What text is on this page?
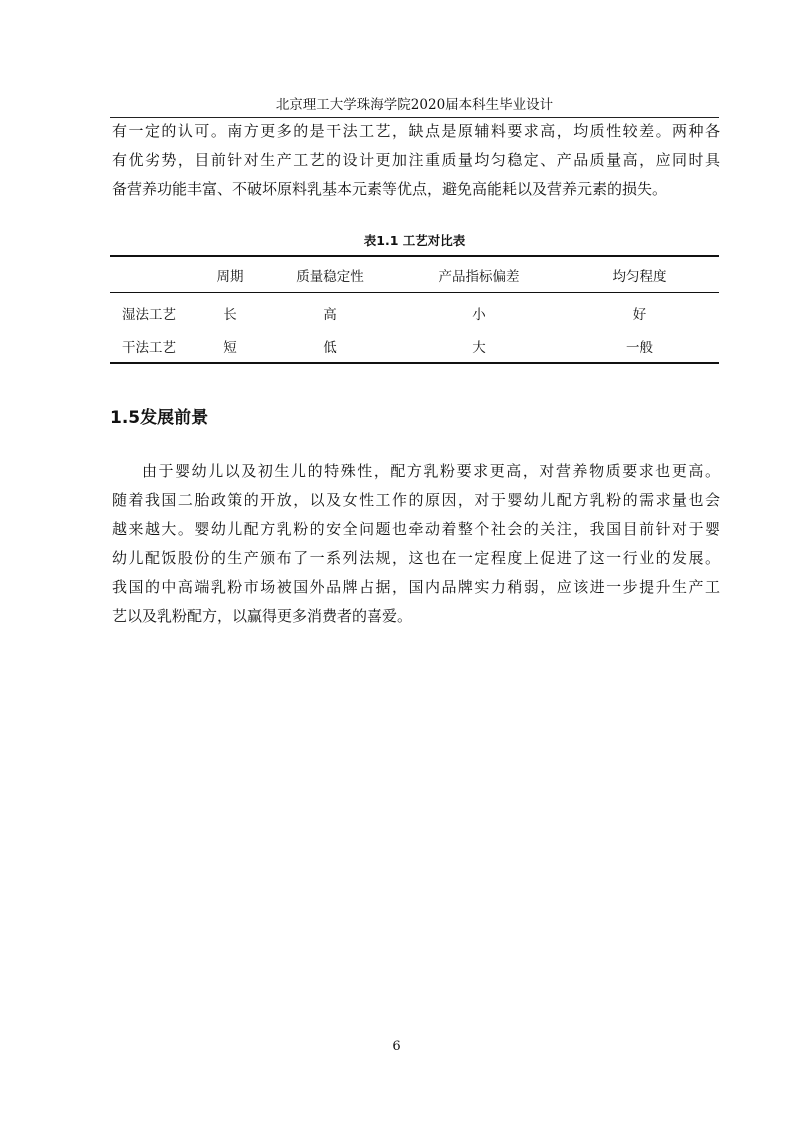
北京理工大学珠海学院2020届本科生毕业设计

有一定的认可。南方更多的是干法工艺，缺点是原辅料要求高，均质性较差。两种各
有优劣势，目前针对生产工艺的设计更加注重质量均匀稳定、产品质量高，应同时具
备营养功能丰富、不破坏原料乳基本元素等优点，避免高能耗以及营养元素的损失。

表1.1 工艺对比表
	周期	质量稳定性	产品指标偏差	均匀程度
湿法工艺	长	高	小	好
干法工艺	短	低	大	一般
1.5发展前景

由于婴幼儿以及初生儿的特殊性，配方乳粉要求更高，对营养物质要求也更高。
随着我国二胎政策的开放，以及女性工作的原因，对于婴幼儿配方乳粉的需求量也会
越来越大。婴幼儿配方乳粉的安全问题也牵动着整个社会的关注，我国目前针对于婴
幼儿配饭股份的生产颁布了一系列法规，这也在一定程度上促进了这一行业的发展。
我国的中高端乳粉市场被国外品牌占据，国内品牌实力稍弱，应该进一步提升生产工
艺以及乳粉配方，以赢得更多消费者的喜爱。

6
